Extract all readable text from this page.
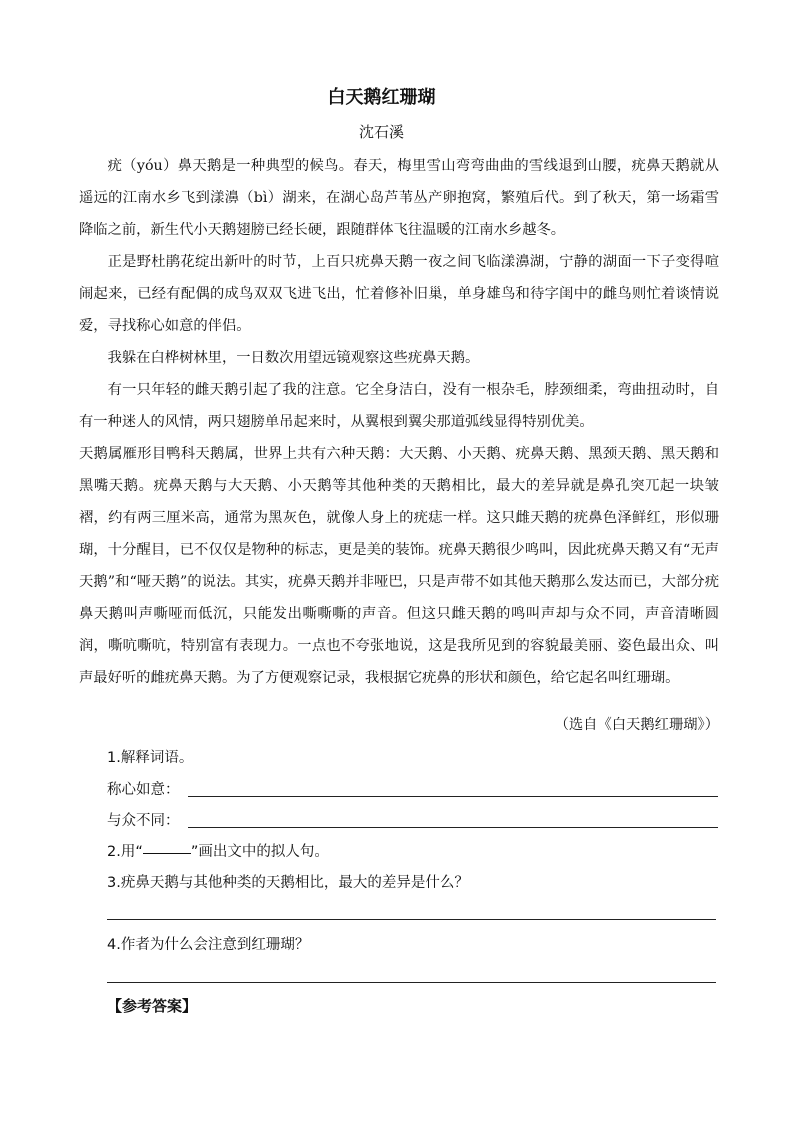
白天鹅红珊瑚
沈石溪

疣（yóu）鼻天鹅是一种典型的候鸟。春天，梅里雪山弯弯曲曲的雪线退到山腰，疣鼻天鹅就从遥远的江南水乡飞到漾濞（bì）湖来，在湖心岛芦苇丛产卵抱窝，繁殖后代。到了秋天，第一场霜雪降临之前，新生代小天鹅翅膀已经长硬，跟随群体飞往温暖的江南水乡越冬。

正是野杜鹃花绽出新叶的时节，上百只疣鼻天鹅一夜之间飞临漾濞湖，宁静的湖面一下子变得喧闹起来，已经有配偶的成鸟双双飞进飞出，忙着修补旧巢，单身雄鸟和待字闺中的雌鸟则忙着谈情说爱，寻找称心如意的伴侣。

我躲在白桦树林里，一日数次用望远镜观察这些疣鼻天鹅。

有一只年轻的雌天鹅引起了我的注意。它全身洁白，没有一根杂毛，脖颈细柔，弯曲扭动时，自有一种迷人的风情，两只翅膀单吊起来时，从翼根到翼尖那道弧线显得特别优美。

天鹅属雁形目鸭科天鹅属，世界上共有六种天鹅：大天鹅、小天鹅、疣鼻天鹅、黑颈天鹅、黑天鹅和黑嘴天鹅。疣鼻天鹅与大天鹅、小天鹅等其他种类的天鹅相比，最大的差异就是鼻孔突兀起一块皱褶，约有两三厘米高，通常为黑灰色，就像人身上的疣痣一样。这只雌天鹅的疣鼻色泽鲜红，形似珊瑚，十分醒目，已不仅仅是物种的标志，更是美的装饰。疣鼻天鹅很少鸣叫，因此疣鼻天鹅又有“无声天鹅”和“哑天鹅”的说法。其实，疣鼻天鹅并非哑巴，只是声带不如其他天鹅那么发达而已，大部分疣鼻天鹅叫声嘶哑而低沉，只能发出嘶嘶嘶的声音。但这只雌天鹅的鸣叫声却与众不同，声音清晰圆润，嘶吭嘶吭，特别富有表现力。一点也不夸张地说，这是我所见到的容貌最美丽、姿色最出众、叫声最好听的雌疣鼻天鹅。为了方便观察记录，我根据它疣鼻的形状和颜色，给它起名叫红珊瑚。

（选自《白天鹅红珊瑚》）
1.解释词语。
称心如意：
与众不同：
2.用“	”画出文中的拟人句。
3.疣鼻天鹅与其他种类的天鹅相比，最大的差异是什么？
4.作者为什么会注意到红珊瑚？
【参考答案】
